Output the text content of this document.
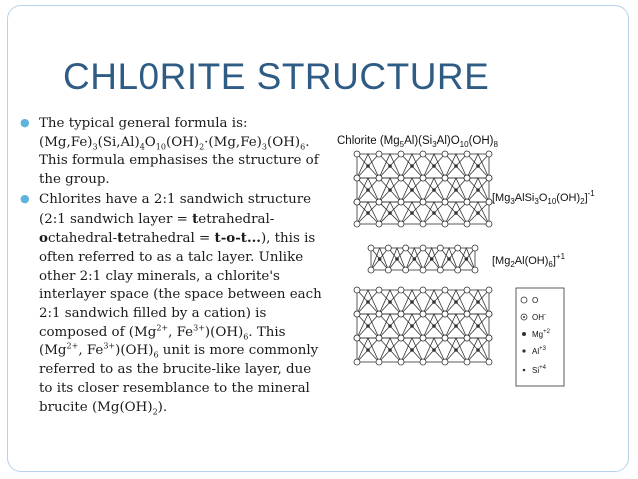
CHL0RITE STRUCTURE

● The typical general formula is: $(Mg,Fe)_3(Si,Al)_4O_{10}(OH)_2\cdot(Mg,Fe)_3(OH)_6$. This formula emphasises the structure of the group.

● Chlorites have a 2:1 sandwich structure (2:1 sandwich layer = tetrahedral-octahedral-tetrahedral = t-o-t...), this is often referred to as a talc layer. Unlike other 2:1 clay minerals, a chlorite's interlayer space (the space between each 2:1 sandwich filled by a cation) is composed of ($Mg^{2+}$, $Fe^{3+})(OH)_6$. This ($Mg^{2+}$, $Fe^{3+})(OH)_6$ unit is more commonly referred to as the brucite-like layer, due to its closer resemblance to the mineral brucite $(Mg(OH)_2)$.

Chlorite $(Mg_5Al)(Si_3Al)O_{10}(OH)_8$
$[Mg_3AlSi_3O_{10}(OH)_2]^{-1}$
$[Mg_2Al(OH)_6]^{+1}$
O
OH-
$Mg^{+2}$
$Al^{+3}$
$Si^{+4}$
